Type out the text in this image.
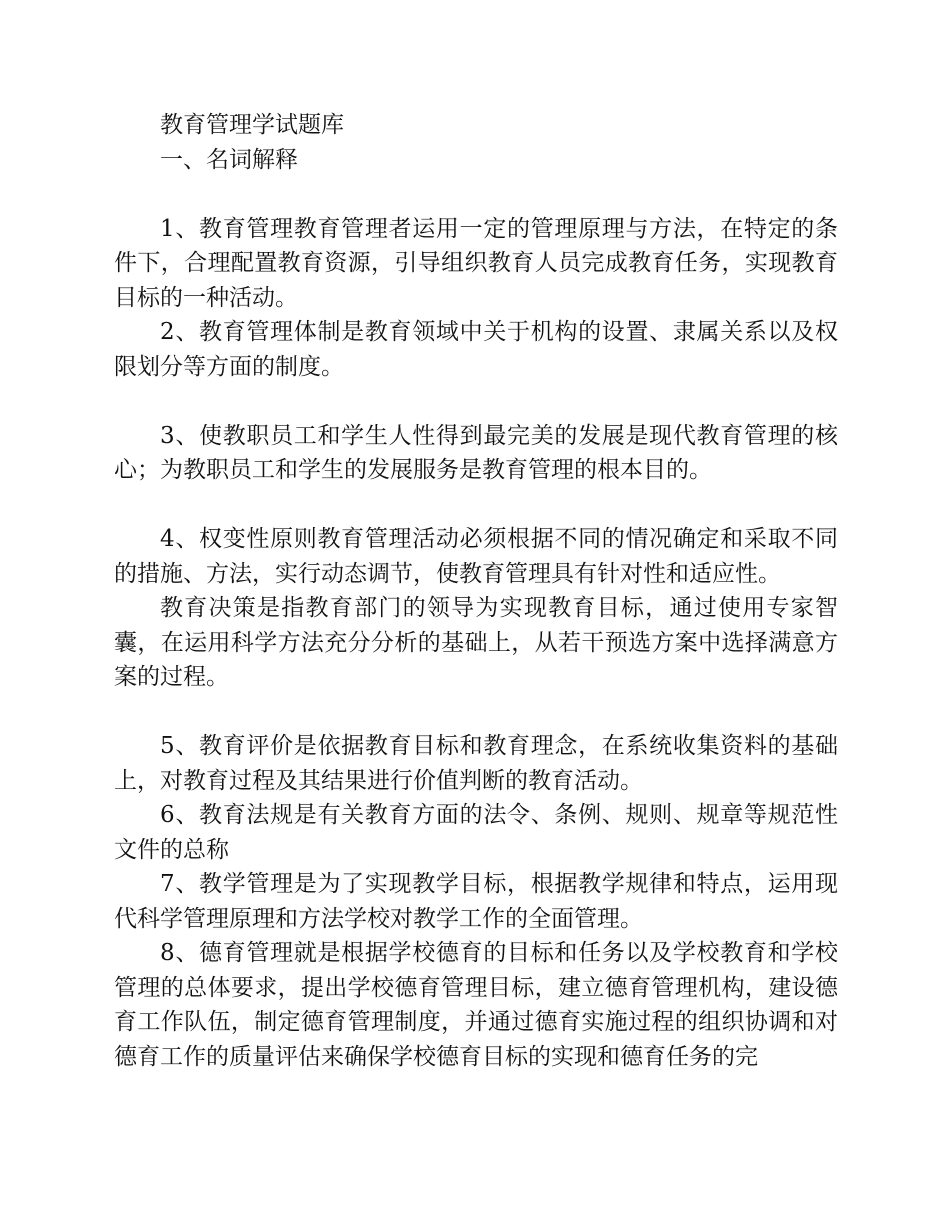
教育管理学试题库

一、名词解释

1、教育管理教育管理者运用一定的管理原理与方法，在特定的条件下，合理配置教育资源，引导组织教育人员完成教育任务，实现教育目标的一种活动。

2、教育管理体制是教育领域中关于机构的设置、隶属关系以及权限划分等方面的制度。

3、使教职员工和学生人性得到最完美的发展是现代教育管理的核心；为教职员工和学生的发展服务是教育管理的根本目的。

4、权变性原则教育管理活动必须根据不同的情况确定和采取不同的措施、方法，实行动态调节，使教育管理具有针对性和适应性。

教育决策是指教育部门的领导为实现教育目标，通过使用专家智囊，在运用科学方法充分分析的基础上，从若干预选方案中选择满意方案的过程。

5、教育评价是依据教育目标和教育理念，在系统收集资料的基础上，对教育过程及其结果进行价值判断的教育活动。

6、教育法规是有关教育方面的法令、条例、规则、规章等规范性文件的总称

7、教学管理是为了实现教学目标，根据教学规律和特点，运用现代科学管理原理和方法学校对教学工作的全面管理。

8、德育管理就是根据学校德育的目标和任务以及学校教育和学校管理的总体要求，提出学校德育管理目标，建立德育管理机构，建设德育工作队伍，制定德育管理制度，并通过德育实施过程的组织协调和对德育工作的质量评估来确保学校德育目标的实现和德育任务的完
